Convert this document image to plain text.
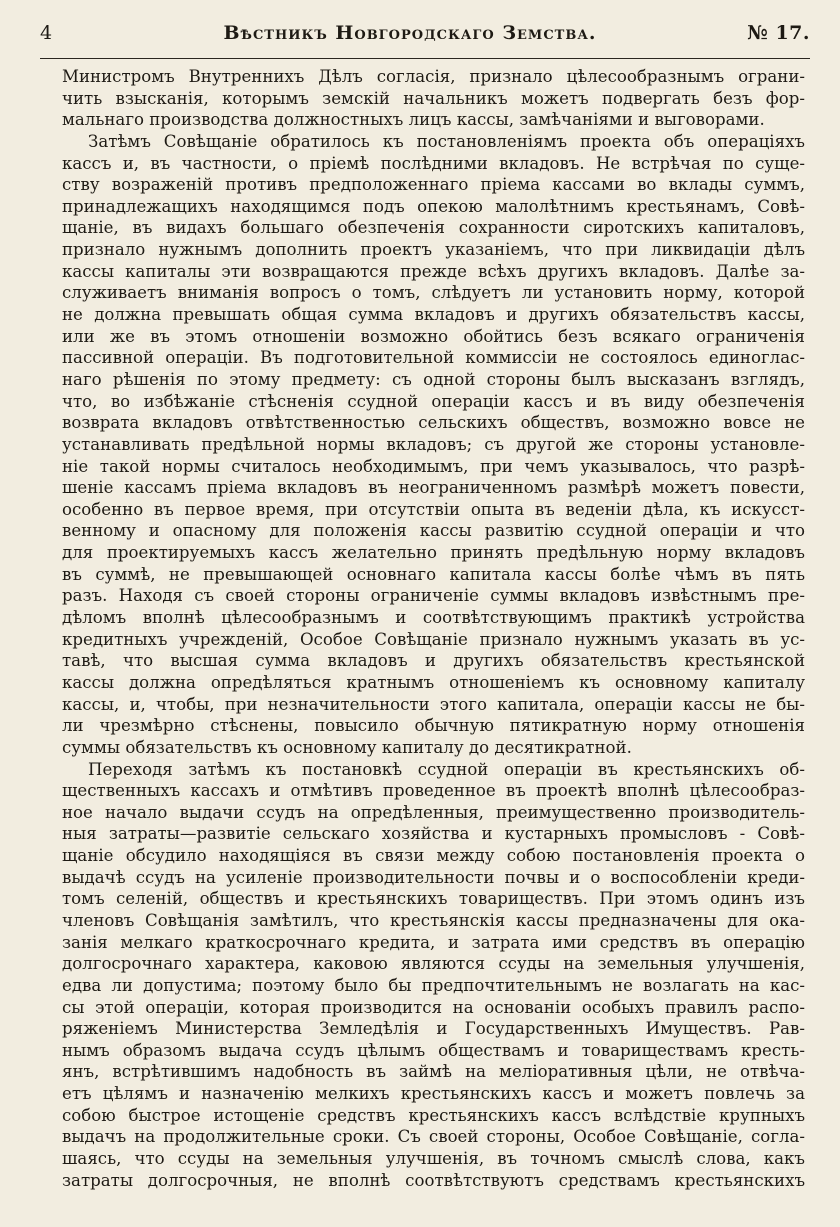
4	Вѣстникъ Новгородскаго Земства.	№ 17.
Министромъ Внутреннихъ Дѣлъ согласія, признало цѣлесообразнымъ ограни-
чить взысканія, которымъ земскій начальникъ можетъ подвергать безъ фор-
мальнаго производства должностныхъ лицъ кассы, замѣчаніями и выговорами.
Затѣмъ Совѣщаніе обратилось къ постановленіямъ проекта объ операціяхъ
кассъ и, въ частности, о пріемѣ послѣдними вкладовъ. Не встрѣчая по суще-
ству возраженій противъ предположеннаго пріема кассами во вклады суммъ,
принадлежащихъ находящимся подъ опекою малолѣтнимъ крестьянамъ, Совѣ-
щаніе, въ видахъ большаго обезпеченія сохранности сиротскихъ капиталовъ,
признало нужнымъ дополнить проектъ указаніемъ, что при ликвидаціи дѣлъ
кассы капиталы эти возвращаются прежде всѣхъ другихъ вкладовъ. Далѣе за-
служиваетъ вниманія вопросъ о томъ, слѣдуетъ ли установить норму, которой
не должна превышать общая сумма вкладовъ и другихъ обязательствъ кассы,
или же въ этомъ отношеніи возможно обойтись безъ всякаго ограниченія
пассивной операціи. Въ подготовительной коммиссіи не состоялось единоглас-
наго рѣшенія по этому предмету: съ одной стороны былъ высказанъ взглядъ,
что, во избѣжаніе стѣсненія ссудной операціи кассъ и въ виду обезпеченія
возврата вкладовъ отвѣтственностью сельскихъ обществъ, возможно вовсе не
устанавливать предѣльной нормы вкладовъ; съ другой же стороны установле-
ніе такой нормы считалось необходимымъ, при чемъ указывалось, что разрѣ-
шеніе кассамъ пріема вкладовъ въ неограниченномъ размѣрѣ можетъ повести,
особенно въ первое время, при отсутствіи опыта въ веденіи дѣла, къ искусст-
венному и опасному для положенія кассы развитію ссудной операціи и что
для проектируемыхъ кассъ желательно принять предѣльную норму вкладовъ
въ суммѣ, не превышающей основнаго капитала кассы болѣе чѣмъ въ пять
разъ. Находя съ своей стороны ограниченіе суммы вкладовъ извѣстнымъ пре-
дѣломъ вполнѣ цѣлесообразнымъ и соотвѣтствующимъ практикѣ устройства
кредитныхъ учрежденій, Особое Совѣщаніе признало нужнымъ указать въ ус-
тавѣ, что высшая сумма вкладовъ и другихъ обязательствъ крестьянской
кассы должна опредѣляться кратнымъ отношеніемъ къ основному капиталу
кассы, и, чтобы, при незначительности этого капитала, операціи кассы не бы-
ли чрезмѣрно стѣснены, повысило обычную пятикратную норму отношенія
суммы обязательствъ къ основному капиталу до десятикратной.
Переходя затѣмъ къ постановкѣ ссудной операціи въ крестьянскихъ об-
щественныхъ кассахъ и отмѣтивъ проведенное въ проектѣ вполнѣ цѣлесообраз-
ное начало выдачи ссудъ на опредѣленныя, преимущественно производитель-
ныя затраты—развитіе сельскаго хозяйства и кустарныхъ промысловъ - Совѣ-
щаніе обсудило находящіяся въ связи между собою постановленія проекта о
выдачѣ ссудъ на усиленіе производительности почвы и о воспособленіи креди-
томъ селеній, обществъ и крестьянскихъ товариществъ. При этомъ одинъ изъ
членовъ Совѣщанія замѣтилъ, что крестьянскія кассы предназначены для ока-
занія мелкаго краткосрочнаго кредита, и затрата ими средствъ въ операцію
долгосрочнаго характера, каковою являются ссуды на земельныя улучшенія,
едва ли допустима; поэтому было бы предпочтительнымъ не возлагать на кас-
сы этой операціи, которая производится на основаніи особыхъ правилъ распо-
ряженіемъ Министерства Земледѣлія и Государственныхъ Имуществъ. Рав-
нымъ образомъ выдача ссудъ цѣлымъ обществамъ и товариществамъ кресть-
янъ, встрѣтившимъ надобность въ займѣ на меліоративныя цѣли, не отвѣча-
етъ цѣлямъ и назначенію мелкихъ крестьянскихъ кассъ и можетъ повлечь за
собою быстрое истощеніе средствъ крестьянскихъ кассъ вслѣдствіе крупныхъ
выдачъ на продолжительные сроки. Съ своей стороны, Особое Совѣщаніе, согла-
шаясь, что ссуды на земельныя улучшенія, въ точномъ смыслѣ слова, какъ
затраты долгосрочныя, не вполнѣ соотвѣтствуютъ средствамъ крестьянскихъ
